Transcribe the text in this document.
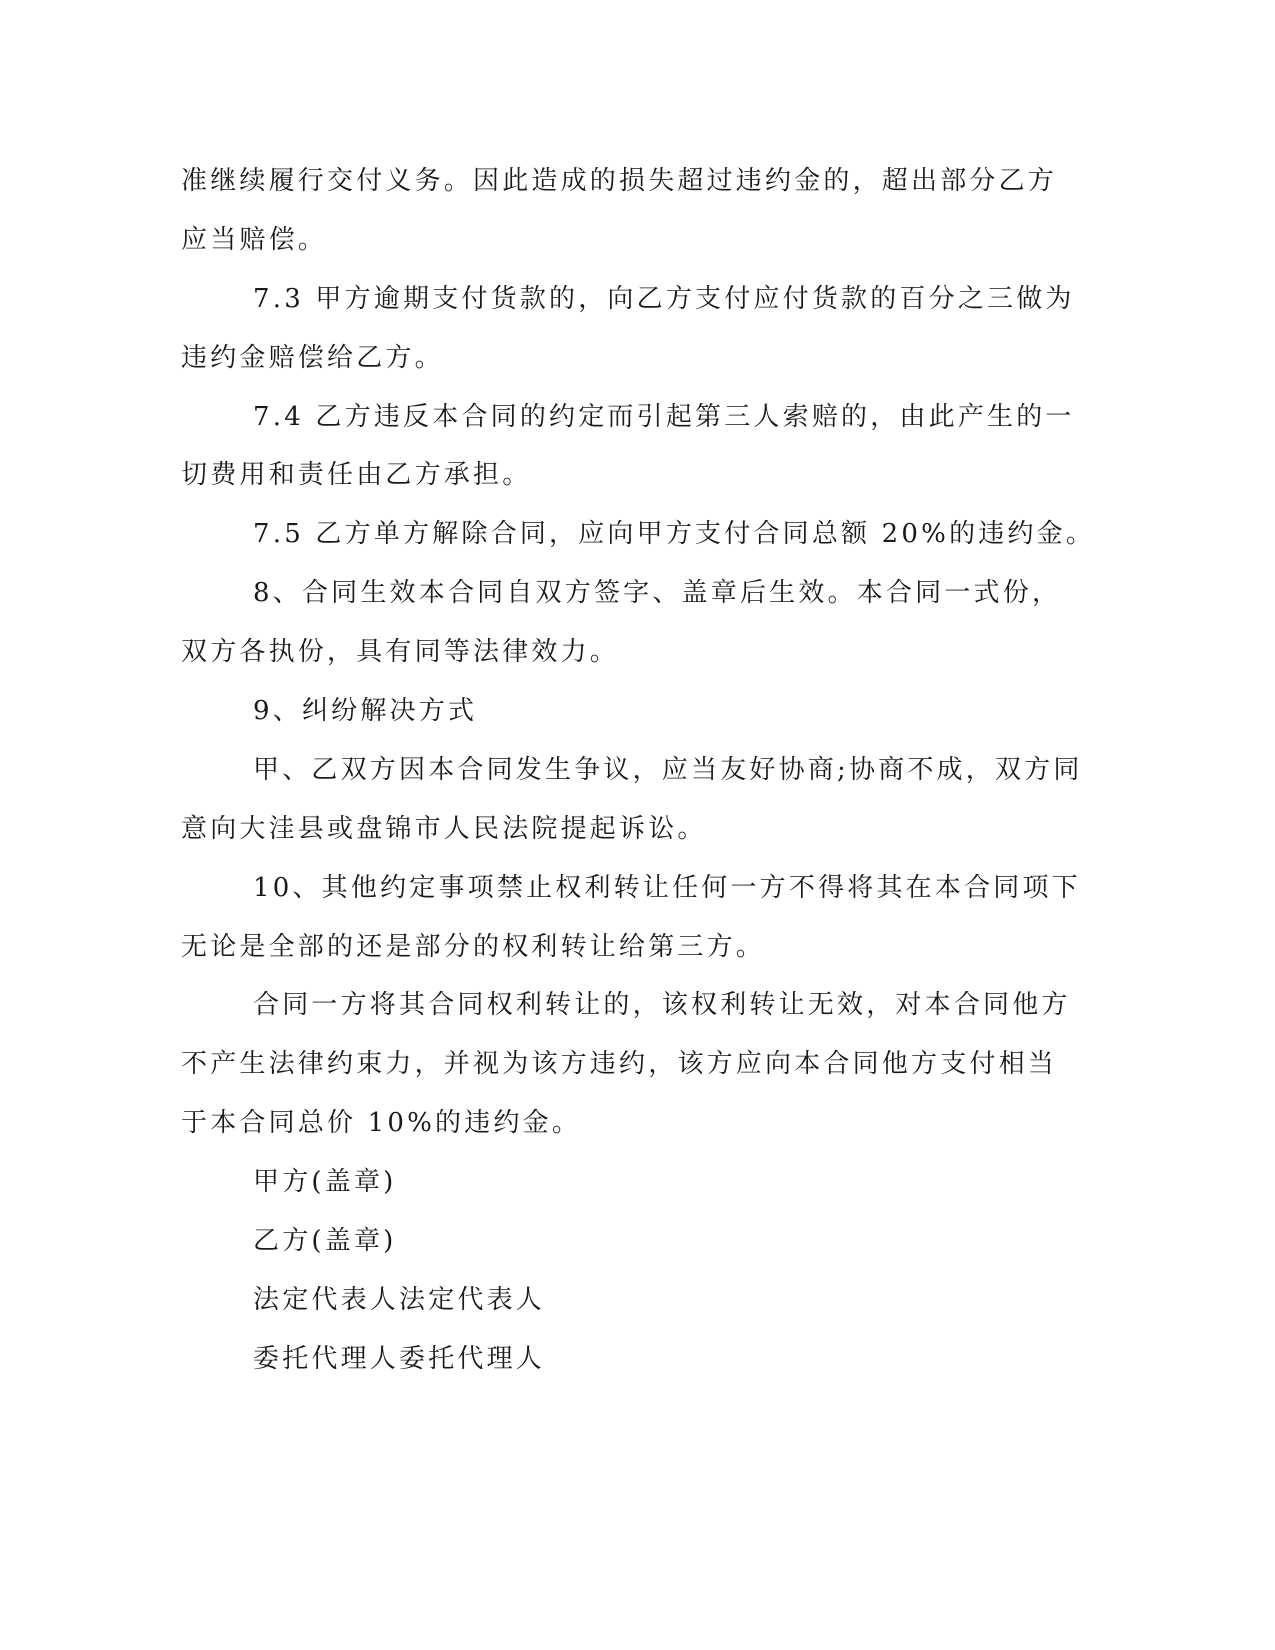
准继续履行交付义务。因此造成的损失超过违约金的，超出部分乙方

应当赔偿。

7.3 甲方逾期支付货款的，向乙方支付应付货款的百分之三做为

违约金赔偿给乙方。

7.4 乙方违反本合同的约定而引起第三人索赔的，由此产生的一

切费用和责任由乙方承担。

7.5 乙方单方解除合同，应向甲方支付合同总额 20%的违约金。

8、合同生效本合同自双方签字、盖章后生效。本合同一式份，

双方各执份，具有同等法律效力。

9、纠纷解决方式

甲、乙双方因本合同发生争议，应当友好协商;协商不成，双方同

意向大洼县或盘锦市人民法院提起诉讼。

10、其他约定事项禁止权利转让任何一方不得将其在本合同项下

无论是全部的还是部分的权利转让给第三方。

合同一方将其合同权利转让的，该权利转让无效，对本合同他方

不产生法律约束力，并视为该方违约，该方应向本合同他方支付相当

于本合同总价 10%的违约金。

甲方(盖章)

乙方(盖章)

法定代表人法定代表人

委托代理人委托代理人
